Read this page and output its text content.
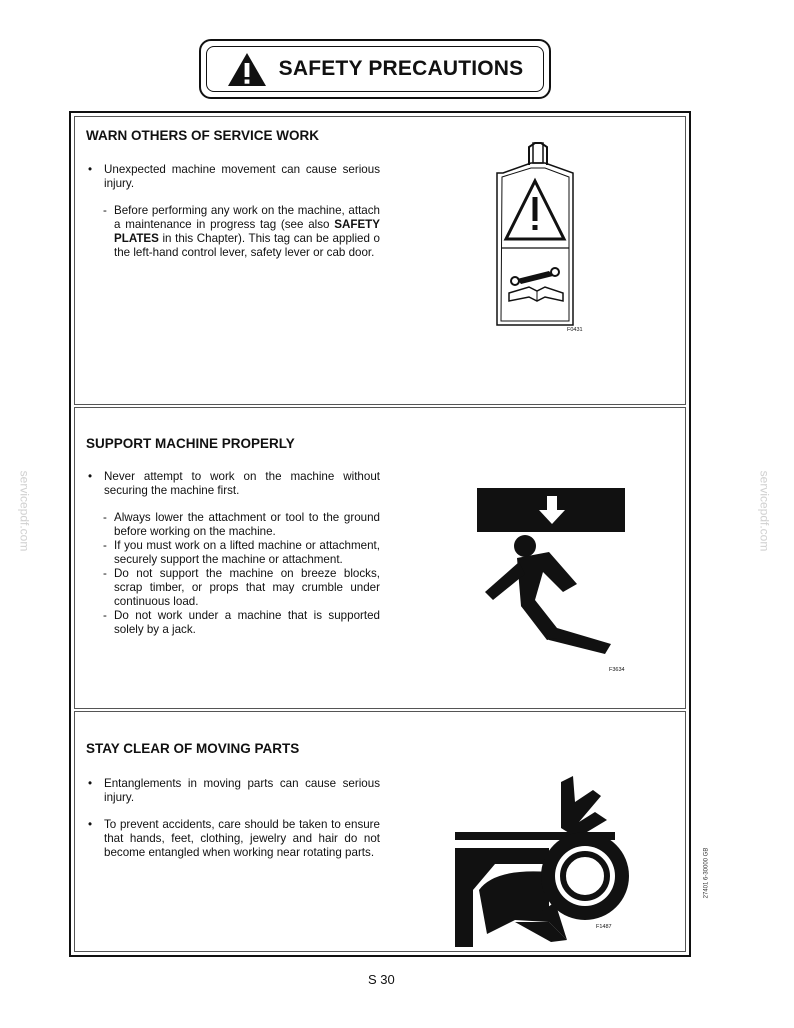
SAFETY PRECAUTIONS
WARN OTHERS OF SERVICE WORK
• Unexpected machine movement can cause serious injury.
- Before performing any work on the machine, attach a maintenance in progress tag (see also SAFETY PLATES in this Chapter). This tag can be applied o the left-hand control lever, safety lever or cab door.
F0431
SUPPORT MACHINE PROPERLY
• Never attempt to work on the machine without securing the machine first.
- Always lower the attachment or tool to the ground before working on the machine.
- If you must work on a lifted machine or attachment, securely support the machine or attachment.
- Do not support the machine on breeze blocks, scrap timber, or props that may crumble under continuous load.
- Do not work under a machine that is supported solely by a jack.
F3634
STAY CLEAR OF MOVING PARTS
• Entanglements in moving parts can cause serious injury.
• To prevent accidents, care should be taken to ensure that hands, feet, clothing, jewelry and hair do not become entangled when working near rotating parts.
F1487
servicepdf.com	servicepdf.com
27401 6-30000 GB
S 30
